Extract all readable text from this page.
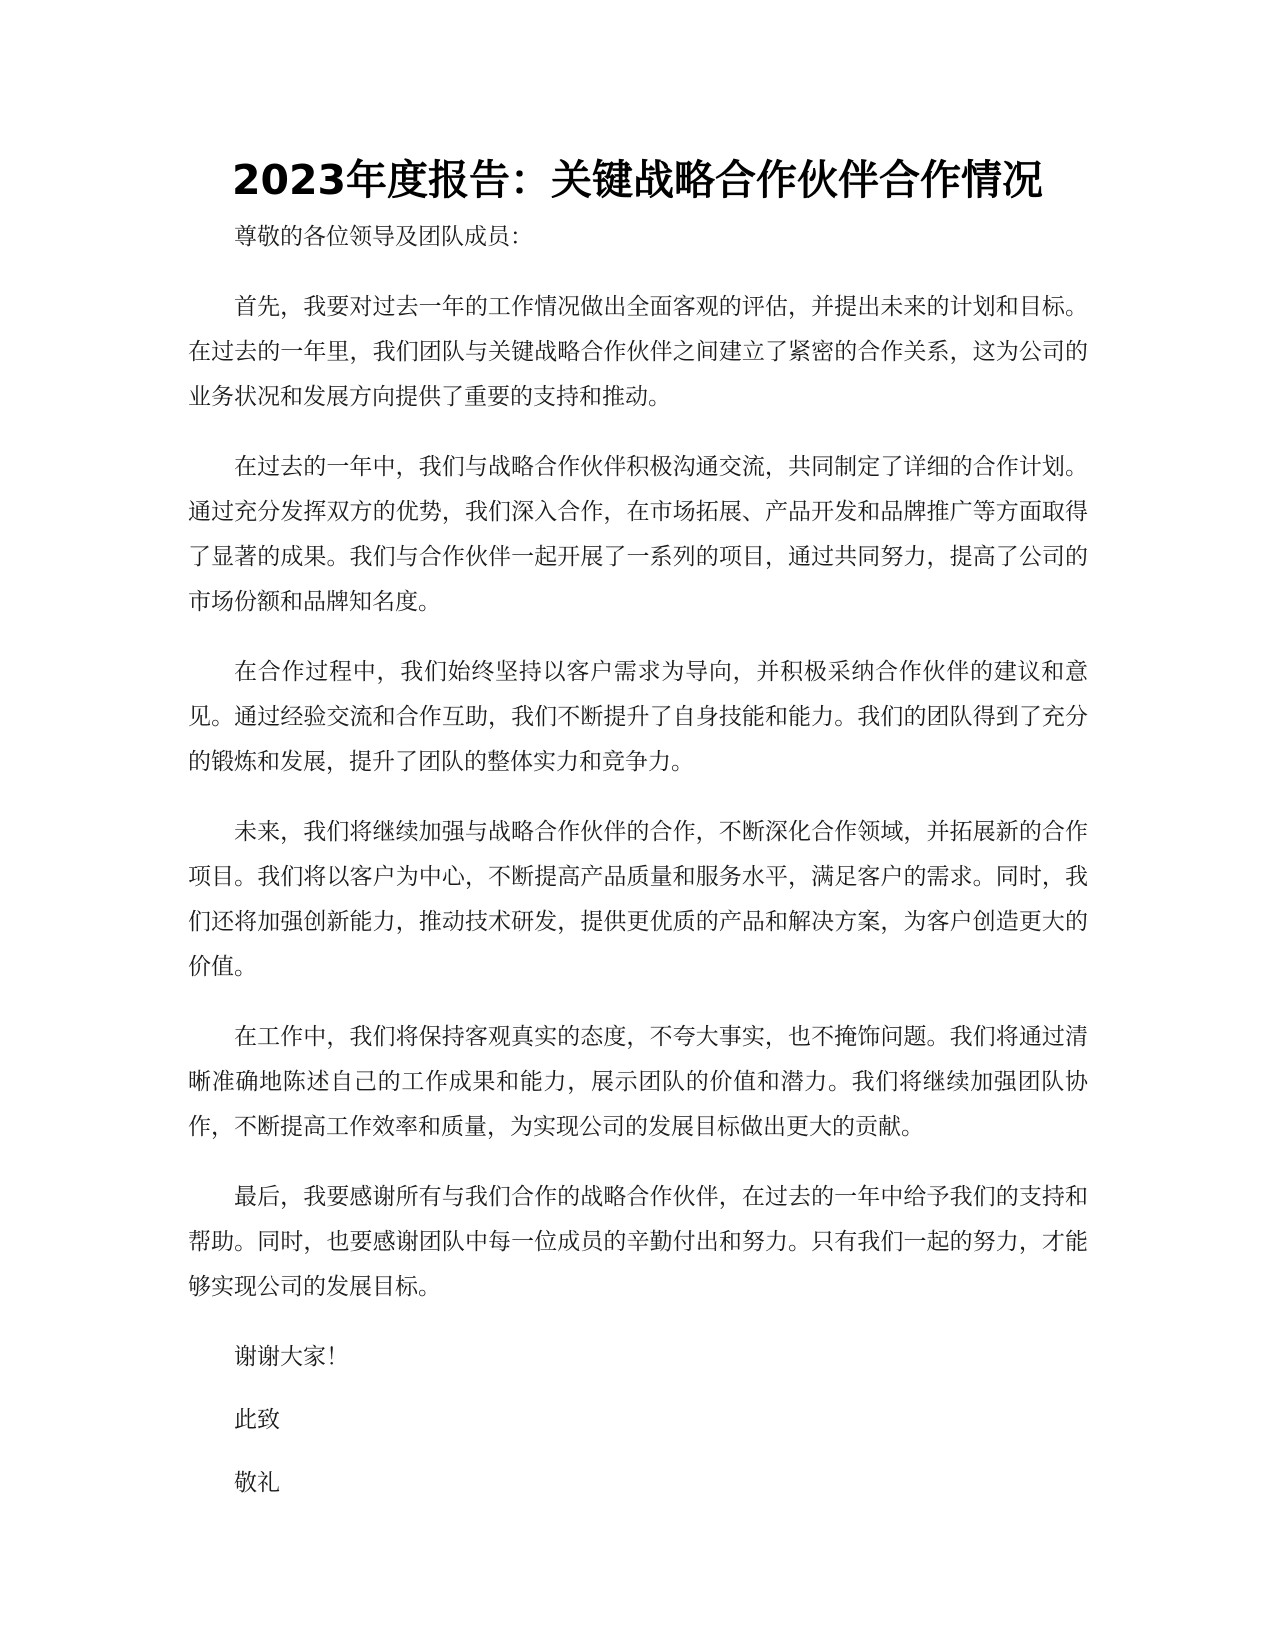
2023年度报告：关键战略合作伙伴合作情况

尊敬的各位领导及团队成员：

首先，我要对过去一年的工作情况做出全面客观的评估，并提出未来的计划和目标。在过去的一年里，我们团队与关键战略合作伙伴之间建立了紧密的合作关系，这为公司的业务状况和发展方向提供了重要的支持和推动。

在过去的一年中，我们与战略合作伙伴积极沟通交流，共同制定了详细的合作计划。通过充分发挥双方的优势，我们深入合作，在市场拓展、产品开发和品牌推广等方面取得了显著的成果。我们与合作伙伴一起开展了一系列的项目，通过共同努力，提高了公司的市场份额和品牌知名度。

在合作过程中，我们始终坚持以客户需求为导向，并积极采纳合作伙伴的建议和意见。通过经验交流和合作互助，我们不断提升了自身技能和能力。我们的团队得到了充分的锻炼和发展，提升了团队的整体实力和竞争力。

未来，我们将继续加强与战略合作伙伴的合作，不断深化合作领域，并拓展新的合作项目。我们将以客户为中心，不断提高产品质量和服务水平，满足客户的需求。同时，我们还将加强创新能力，推动技术研发，提供更优质的产品和解决方案，为客户创造更大的价值。

在工作中，我们将保持客观真实的态度，不夸大事实，也不掩饰问题。我们将通过清晰准确地陈述自己的工作成果和能力，展示团队的价值和潜力。我们将继续加强团队协作，不断提高工作效率和质量，为实现公司的发展目标做出更大的贡献。

最后，我要感谢所有与我们合作的战略合作伙伴，在过去的一年中给予我们的支持和帮助。同时，也要感谢团队中每一位成员的辛勤付出和努力。只有我们一起的努力，才能够实现公司的发展目标。

谢谢大家！

此致

敬礼
